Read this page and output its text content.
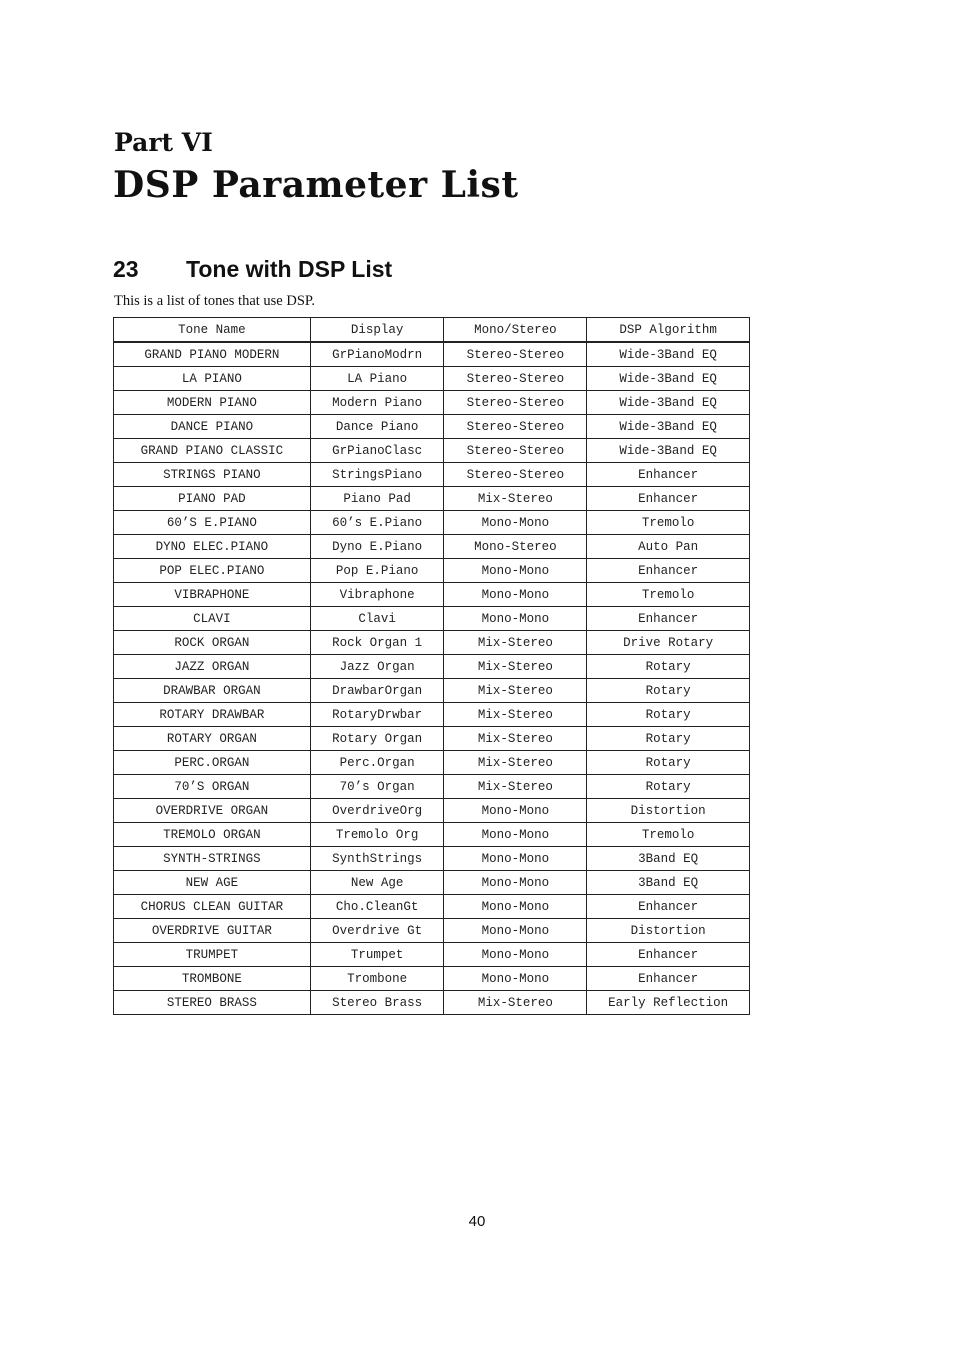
Part VI
DSP Parameter List
23	Tone with DSP List

This is a list of tones that use DSP.

Tone Name	Display	Mono/Stereo	DSP Algorithm
GRAND PIANO MODERN	GrPianoModrn	Stereo-Stereo	Wide-3Band EQ
LA PIANO	LA Piano	Stereo-Stereo	Wide-3Band EQ
MODERN PIANO	Modern Piano	Stereo-Stereo	Wide-3Band EQ
DANCE PIANO	Dance Piano	Stereo-Stereo	Wide-3Band EQ
GRAND PIANO CLASSIC	GrPianoClasc	Stereo-Stereo	Wide-3Band EQ
STRINGS PIANO	StringsPiano	Stereo-Stereo	Enhancer
PIANO PAD	Piano Pad	Mix-Stereo	Enhancer
60’S E.PIANO	60’s E.Piano	Mono-Mono	Tremolo
DYNO ELEC.PIANO	Dyno E.Piano	Mono-Stereo	Auto Pan
POP ELEC.PIANO	Pop E.Piano	Mono-Mono	Enhancer
VIBRAPHONE	Vibraphone	Mono-Mono	Tremolo
CLAVI	Clavi	Mono-Mono	Enhancer
ROCK ORGAN	Rock Organ 1	Mix-Stereo	Drive Rotary
JAZZ ORGAN	Jazz Organ	Mix-Stereo	Rotary
DRAWBAR ORGAN	DrawbarOrgan	Mix-Stereo	Rotary
ROTARY DRAWBAR	RotaryDrwbar	Mix-Stereo	Rotary
ROTARY ORGAN	Rotary Organ	Mix-Stereo	Rotary
PERC.ORGAN	Perc.Organ	Mix-Stereo	Rotary
70’S ORGAN	70’s Organ	Mix-Stereo	Rotary
OVERDRIVE ORGAN	OverdriveOrg	Mono-Mono	Distortion
TREMOLO ORGAN	Tremolo Org	Mono-Mono	Tremolo
SYNTH-STRINGS	SynthStrings	Mono-Mono	3Band EQ
NEW AGE	New Age	Mono-Mono	3Band EQ
CHORUS CLEAN GUITAR	Cho.CleanGt	Mono-Mono	Enhancer
OVERDRIVE GUITAR	Overdrive Gt	Mono-Mono	Distortion
TRUMPET	Trumpet	Mono-Mono	Enhancer
TROMBONE	Trombone	Mono-Mono	Enhancer
STEREO BRASS	Stereo Brass	Mix-Stereo	Early Reflection

40
